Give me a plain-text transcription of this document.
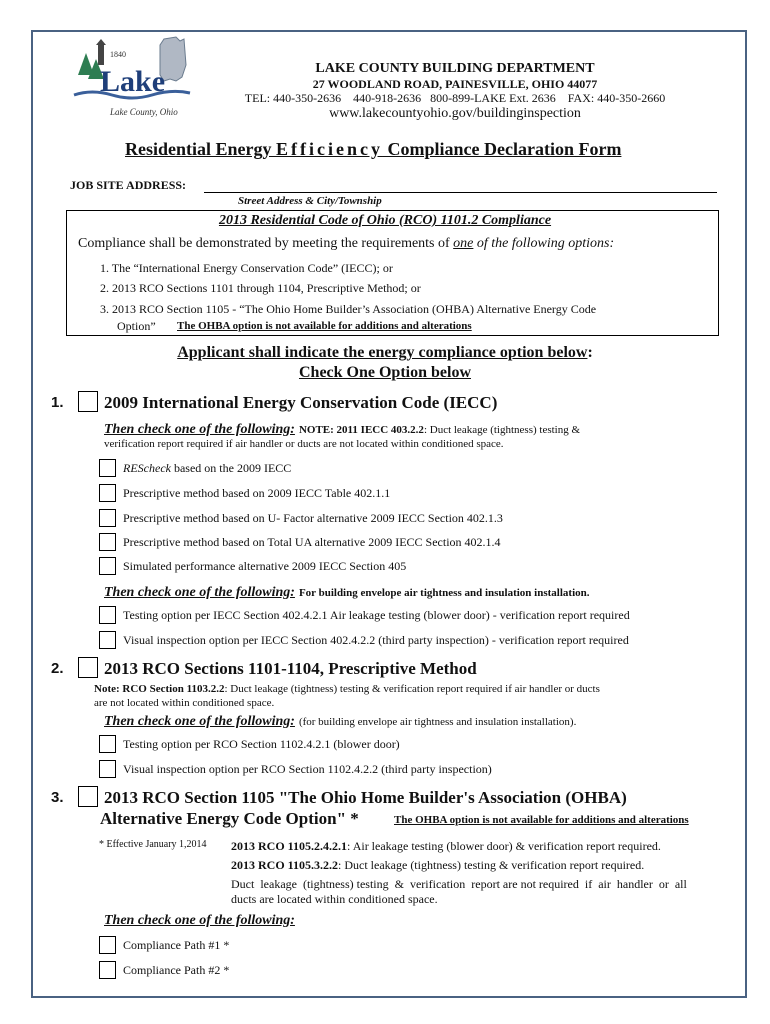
1840
Lake
Lake County, Ohio
LAKE COUNTY BUILDING DEPARTMENT
27 WOODLAND ROAD, PAINESVILLE, OHIO 44077
TEL: 440-350-2636    440-918-2636   800-899-LAKE Ext. 2636    FAX: 440-350-2660
www.lakecountyohio.gov/buildinginspection
Residential Energy Efficiency Compliance Declaration Form
JOB SITE ADDRESS:
Street Address & City/Township
2013 Residential Code of Ohio (RCO) 1101.2 Compliance
Compliance shall be demonstrated by meeting the requirements of one of the following options:
1. The “International Energy Conservation Code” (IECC); or
2. 2013 RCO Sections 1101 through 1104, Prescriptive Method; or
3. 2013 RCO Section 1105 - “The Ohio Home Builder’s Association (OHBA) Alternative Energy Code
Option” The OHBA option is not available for additions and alterations
Applicant shall indicate the energy compliance option below:
Check One Option below
1. 2009 International Energy Conservation Code (IECC)
Then check one of the following: NOTE: 2011 IECC 403.2.2: Duct leakage (tightness) testing &
verification report required if air handler or ducts are not located within conditioned space.
REScheck based on the 2009 IECC
Prescriptive method based on 2009 IECC Table 402.1.1
Prescriptive method based on U- Factor alternative 2009 IECC Section 402.1.3
Prescriptive method based on Total UA alternative 2009 IECC Section 402.1.4
Simulated performance alternative 2009 IECC Section 405
Then check one of the following: For building envelope air tightness and insulation installation.
Testing option per IECC Section 402.4.2.1 Air leakage testing (blower door) - verification report required
Visual inspection option per IECC Section 402.4.2.2 (third party inspection) - verification report required
2. 2013 RCO Sections 1101-1104, Prescriptive Method
Note: RCO Section 1103.2.2: Duct leakage (tightness) testing & verification report required if air handler or ducts
are not located within conditioned space.
Then check one of the following: (for building envelope air tightness and insulation installation).
Testing option per RCO Section 1102.4.2.1 (blower door)
Visual inspection option per RCO Section 1102.4.2.2 (third party inspection)
3. 2013 RCO Section 1105 "The Ohio Home Builder's Association (OHBA)
Alternative Energy Code Option" *	The OHBA option is not available for additions and alterations
* Effective January 1,2014 2013 RCO 1105.2.4.2.1: Air leakage testing (blower door) & verification report required.
2013 RCO 1105.3.2.2: Duct leakage (tightness) testing & verification report required.
Duct  leakage  (tightness) testing  &  verification  report are not required  if  air  handler  or  all
ducts are located within conditioned space.
Then check one of the following:
Compliance Path #1 *
Compliance Path #2 *
